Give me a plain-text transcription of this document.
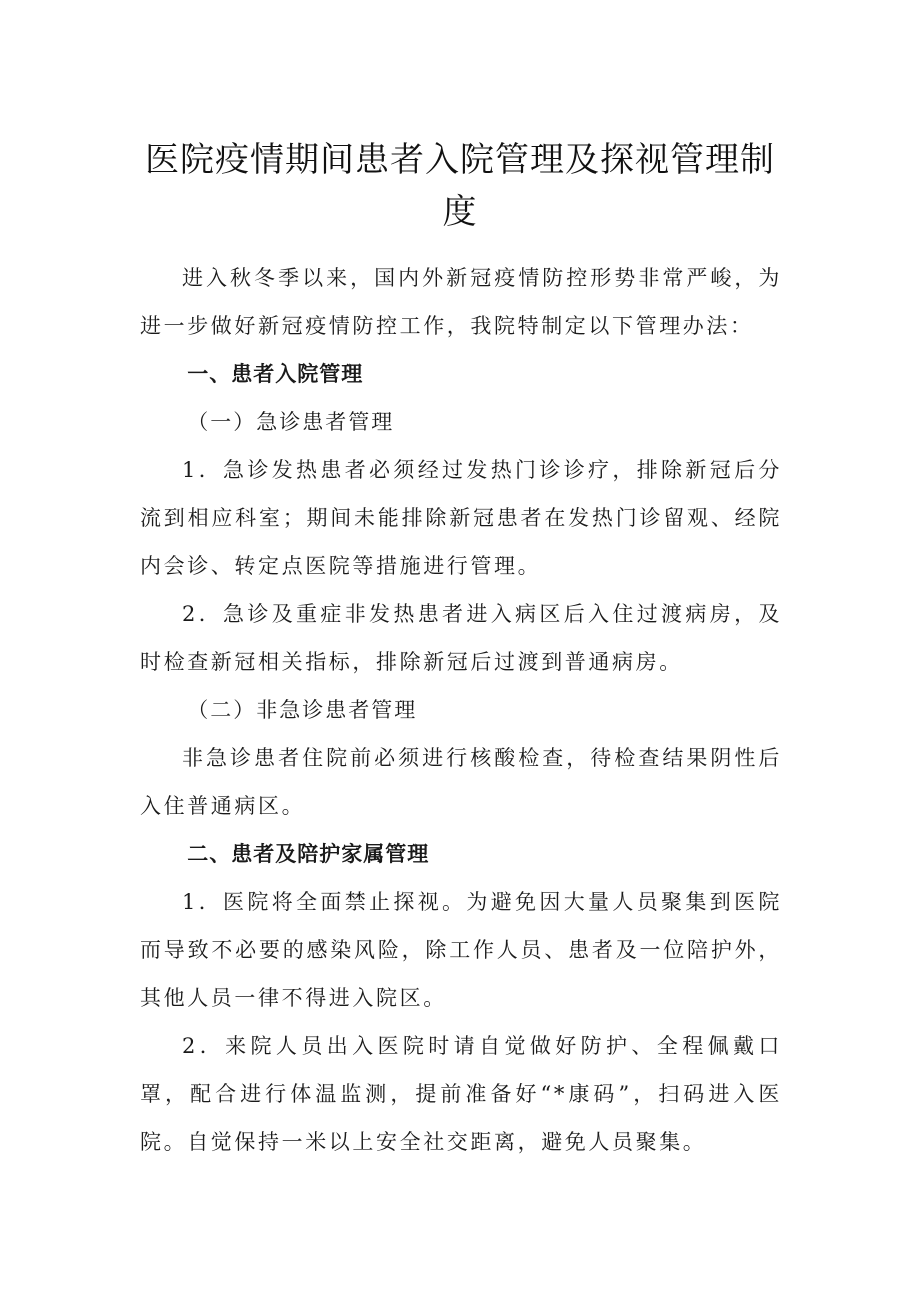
医院疫情期间患者入院管理及探视管理制
度

进入秋冬季以来，国内外新冠疫情防控形势非常严峻，为进一步做好新冠疫情防控工作，我院特制定以下管理办法：

一、患者入院管理

（一）急诊患者管理

1．急诊发热患者必须经过发热门诊诊疗，排除新冠后分流到相应科室；期间未能排除新冠患者在发热门诊留观、经院内会诊、转定点医院等措施进行管理。

2．急诊及重症非发热患者进入病区后入住过渡病房，及时检查新冠相关指标，排除新冠后过渡到普通病房。

（二）非急诊患者管理

非急诊患者住院前必须进行核酸检查，待检查结果阴性后入住普通病区。

二、患者及陪护家属管理

1．医院将全面禁止探视。为避免因大量人员聚集到医院而导致不必要的感染风险，除工作人员、患者及一位陪护外，其他人员一律不得进入院区。

2．来院人员出入医院时请自觉做好防护、全程佩戴口罩，配合进行体温监测，提前准备好“*康码”，扫码进入医院。自觉保持一米以上安全社交距离，避免人员聚集。
